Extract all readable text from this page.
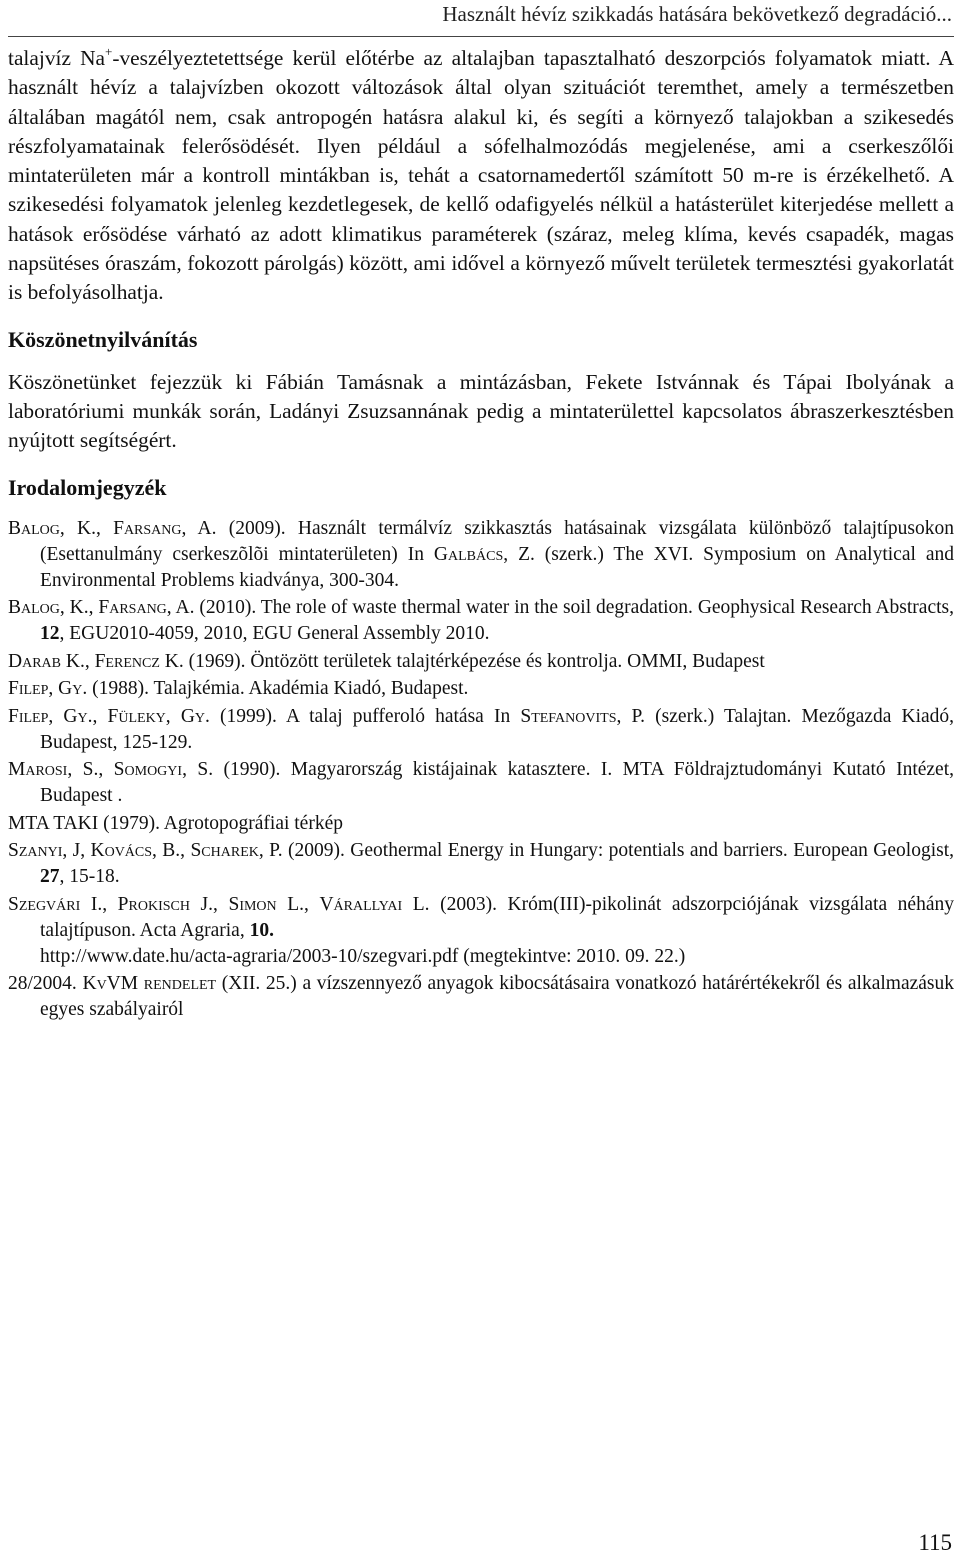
Használt hévíz szikkadás hatására bekövetkező degradáció...

talajvíz Na+-veszélyeztetettsége kerül előtérbe az altalajban tapasztalható deszorpciós folyamatok miatt. A használt hévíz a talajvízben okozott változások által olyan szituációt teremthet, amely a természetben általában magától nem, csak antropogén hatásra alakul ki, és segíti a környező talajokban a szikesedés részfolyamatainak felerősödését. Ilyen például a sófelhalmozódás megjelenése, ami a cserkeszőlői mintaterületen már a kontroll mintákban is, tehát a csatornamedertől számított 50 m-re is érzékelhető. A szikesedési folyamatok jelenleg kezdetlegesek, de kellő odafigyelés nélkül a hatásterület kiterjedése mellett a hatások erősödése várható az adott klimatikus paraméterek (száraz, meleg klíma, kevés csapadék, magas napsütéses óraszám, fokozott párolgás) között, ami idővel a környező művelt területek termesztési gyakorlatát is befolyásolhatja.

Köszönetnyilvánítás

Köszönetünket fejezzük ki Fábián Tamásnak a mintázásban, Fekete Istvánnak és Tápai Ibolyának a laboratóriumi munkák során, Ladányi Zsuzsannának pedig a mintaterülettel kapcsolatos ábraszerkesztésben nyújtott segítségért.

Irodalomjegyzék
Balog, K., Farsang, A. (2009). Használt termálvíz szikkasztás hatásainak vizsgálata különböző talajtípusokon (Esettanulmány cserkeszõlõi mintaterületen) In Galbács, Z. (szerk.) The XVI. Symposium on Analytical and Environmental Problems kiadványa, 300-304.
Balog, K., Farsang, A. (2010). The role of waste thermal water in the soil degradation. Geophysical Research Abstracts, 12, EGU2010-4059, 2010, EGU General Assembly 2010.
Darab K., Ferencz K. (1969). Öntözött területek talajtérképezése és kontrolja. OMMI, Budapest
Filep, Gy. (1988). Talajkémia. Akadémia Kiadó, Budapest.
Filep, Gy., Füleky, Gy. (1999). A talaj pufferoló hatása In Stefanovits, P. (szerk.) Talajtan. Mezőgazda Kiadó, Budapest, 125-129.
Marosi, S., Somogyi, S. (1990). Magyarország kistájainak katasztere. I. MTA Földrajztudományi Kutató Intézet, Budapest .
MTA TAKI (1979). Agrotopográfiai térkép
Szanyi, J, Kovács, B., Scharek, P. (2009). Geothermal Energy in Hungary: potentials and barriers. European Geologist, 27, 15-18.
Szegvári I., Prokisch J., Simon L., Várallyai L. (2003). Króm(III)-pikolinát adszorpciójának vizsgálata néhány talajtípuson. Acta Agraria, 10.
http://www.date.hu/acta-agraria/2003-10/szegvari.pdf (megtekintve: 2010. 09. 22.)
28/2004. KvVM rendelet (XII. 25.) a vízszennyező anyagok kibocsátásaira vonatkozó határértékekről és alkalmazásuk egyes szabályairól
115
